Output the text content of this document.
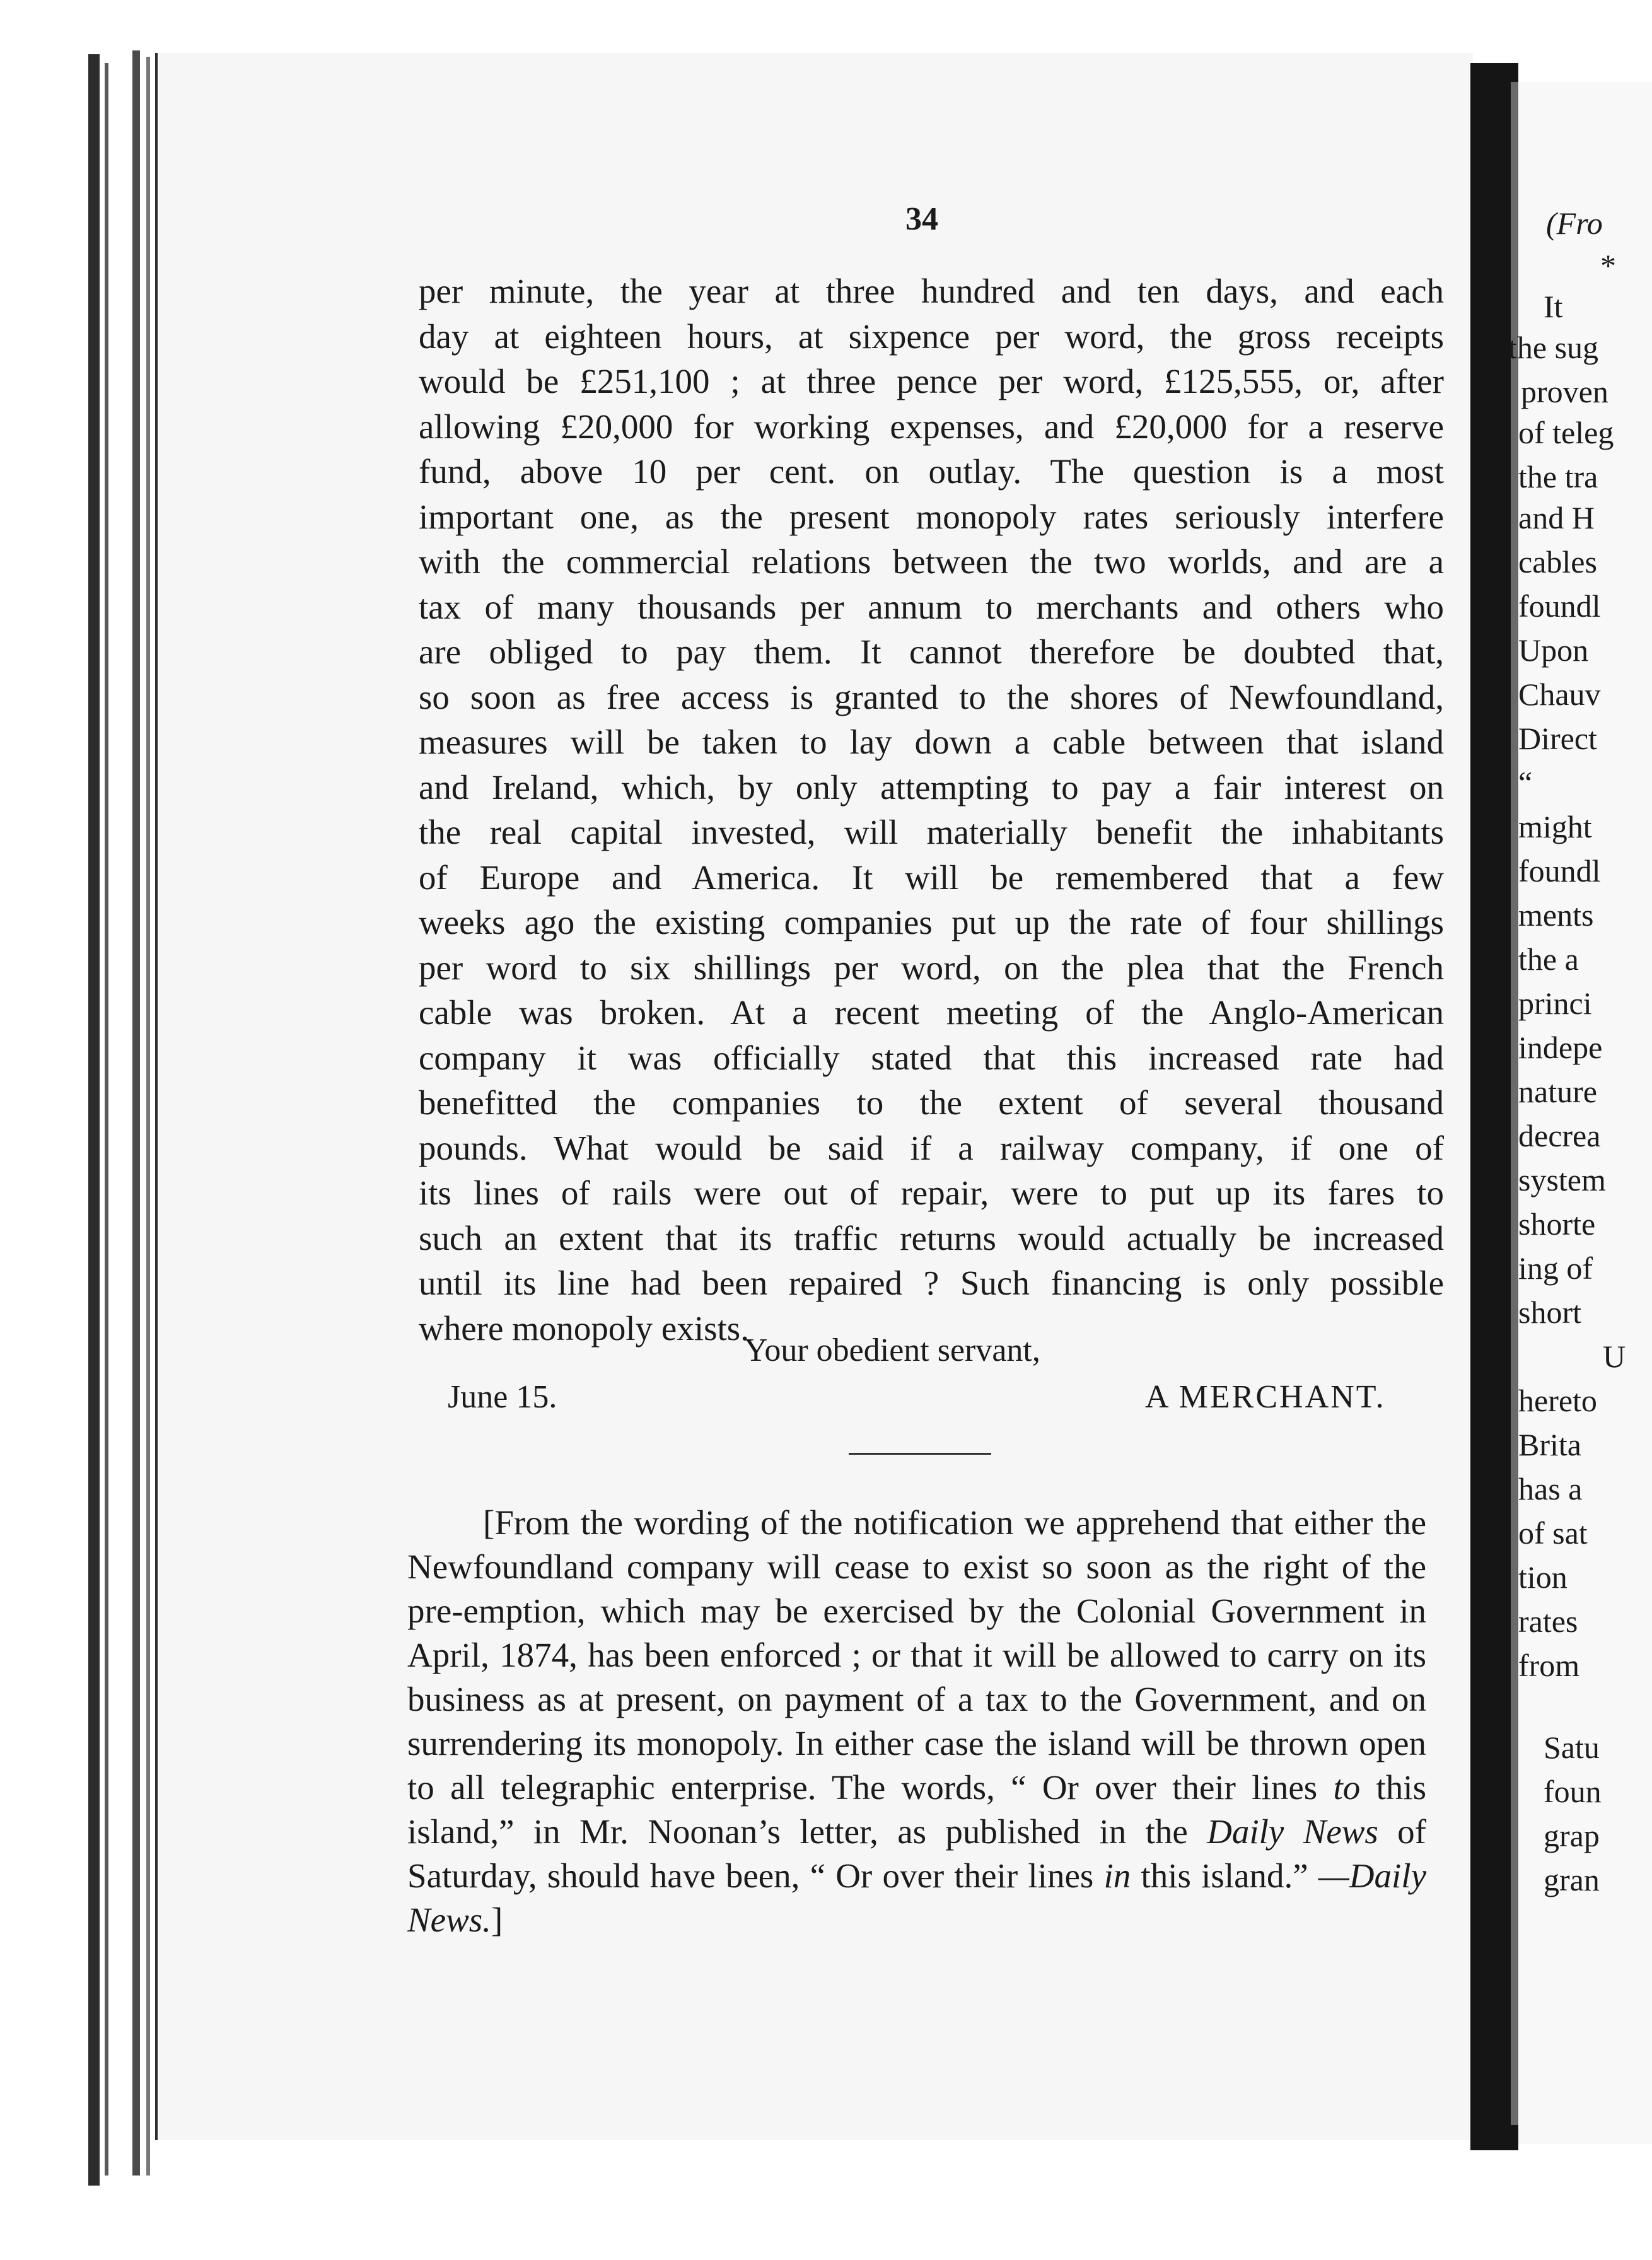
(Fro
*
It
the sug
proven
of teleg
the tra
and H
cables
foundl
Upon
Chauv
Direct
“
might
foundl
ments
the a
princi
indepe
nature
decrea
system
shorte
ing of
short
U
hereto
Brita
has a
of sat
tion
rates
from
Satu
foun
grap
gran
34

per minute, the year at three hundred and ten days, and each

day at eighteen hours, at sixpence per word, the gross receipts

would be £251,100 ; at three pence per word, £125,555, or, after

allowing £20,000 for working expenses, and £20,000 for a reserve

fund, above 10 per cent. on outlay. The question is a most

important one, as the present monopoly rates seriously interfere

with the commercial relations between the two worlds, and are a

tax of many thousands per annum to merchants and others who

are obliged to pay them. It cannot therefore be doubted that,

so soon as free access is granted to the shores of Newfoundland,

measures will be taken to lay down a cable between that island

and Ireland, which, by only attempting to pay a fair interest on

the real capital invested, will materially benefit the inhabitants

of Europe and America. It will be remembered that a few

weeks ago the existing companies put up the rate of four shillings

per word to six shillings per word, on the plea that the French

cable was broken. At a recent meeting of the Anglo-American

company it was officially stated that this increased rate had

benefitted the companies to the extent of several thousand

pounds. What would be said if a railway company, if one of

its lines of rails were out of repair, were to put up its fares to

such an extent that its traffic returns would actually be increased

until its line had been repaired ? Such financing is only possible

where monopoly exists.

Your obedient servant,
June 15.	A MERCHANT.

[From the wording of the notification we apprehend that either the Newfoundland company will cease to exist so soon as the right of the pre-emption, which may be exercised by the Colonial Government in April, 1874, has been enforced ; or that it will be allowed to carry on its business as at present, on payment of a tax to the Government, and on surrendering its monopoly. In either case the island will be thrown open to all telegraphic enterprise. The words, “ Or over their lines to this island,” in Mr. Noonan’s letter, as published in the Daily News of Saturday, should have been, “ Or over their lines in this island.” —Daily News.]
